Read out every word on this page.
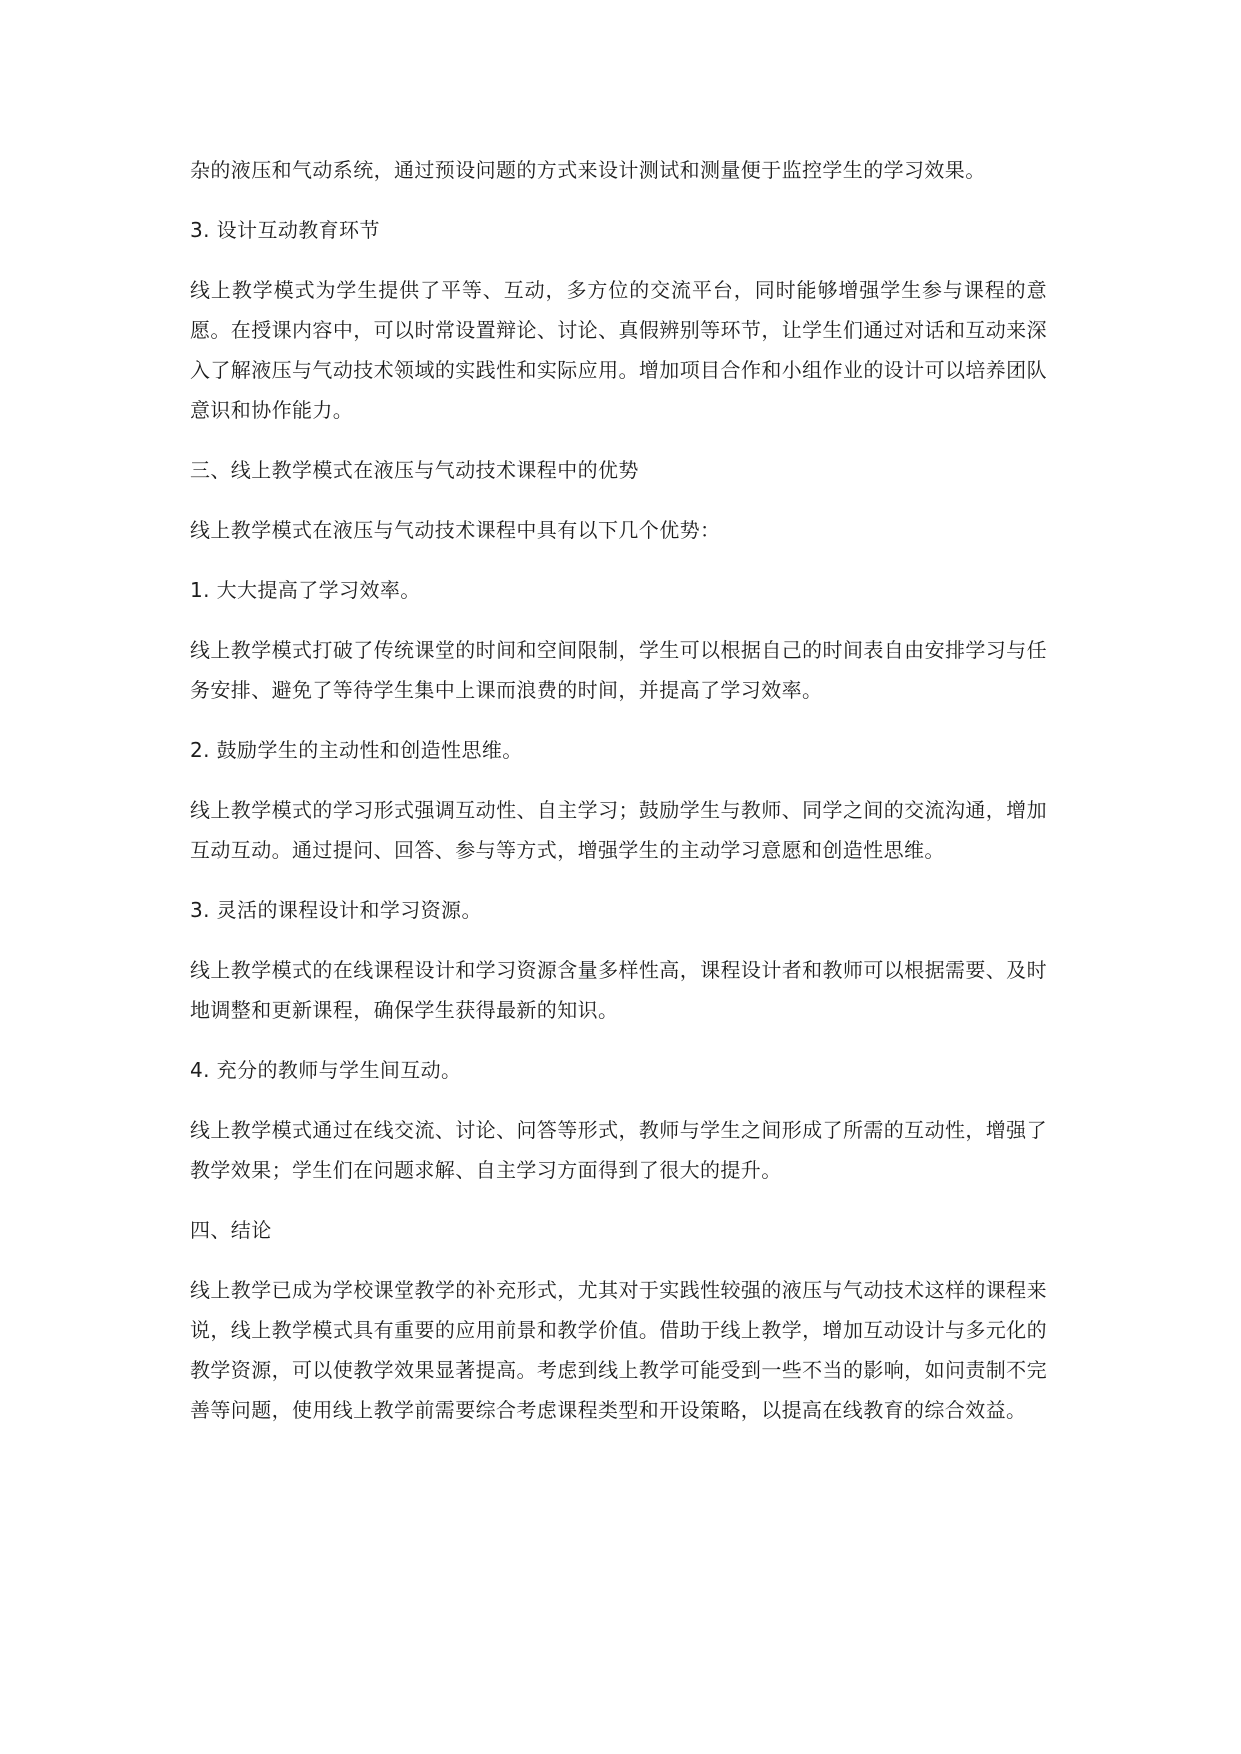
杂的液压和气动系统，通过预设问题的方式来设计测试和测量便于监控学生的学习效果。

3. 设计互动教育环节

线上教学模式为学生提供了平等、互动，多方位的交流平台，同时能够增强学生参与课程的意愿。在授课内容中，可以时常设置辩论、讨论、真假辨别等环节，让学生们通过对话和互动来深入了解液压与气动技术领域的实践性和实际应用。增加项目合作和小组作业的设计可以培养团队意识和协作能力。

三、线上教学模式在液压与气动技术课程中的优势

线上教学模式在液压与气动技术课程中具有以下几个优势：

1. 大大提高了学习效率。

线上教学模式打破了传统课堂的时间和空间限制，学生可以根据自己的时间表自由安排学习与任务安排、避免了等待学生集中上课而浪费的时间，并提高了学习效率。

2. 鼓励学生的主动性和创造性思维。

线上教学模式的学习形式强调互动性、自主学习；鼓励学生与教师、同学之间的交流沟通，增加互动互动。通过提问、回答、参与等方式，增强学生的主动学习意愿和创造性思维。

3. 灵活的课程设计和学习资源。

线上教学模式的在线课程设计和学习资源含量多样性高，课程设计者和教师可以根据需要、及时地调整和更新课程，确保学生获得最新的知识。

4. 充分的教师与学生间互动。

线上教学模式通过在线交流、讨论、问答等形式，教师与学生之间形成了所需的互动性，增强了教学效果；学生们在问题求解、自主学习方面得到了很大的提升。

四、结论

线上教学已成为学校课堂教学的补充形式，尤其对于实践性较强的液压与气动技术这样的课程来说，线上教学模式具有重要的应用前景和教学价值。借助于线上教学，增加互动设计与多元化的教学资源，可以使教学效果显著提高。考虑到线上教学可能受到一些不当的影响，如问责制不完善等问题，使用线上教学前需要综合考虑课程类型和开设策略，以提高在线教育的综合效益。
